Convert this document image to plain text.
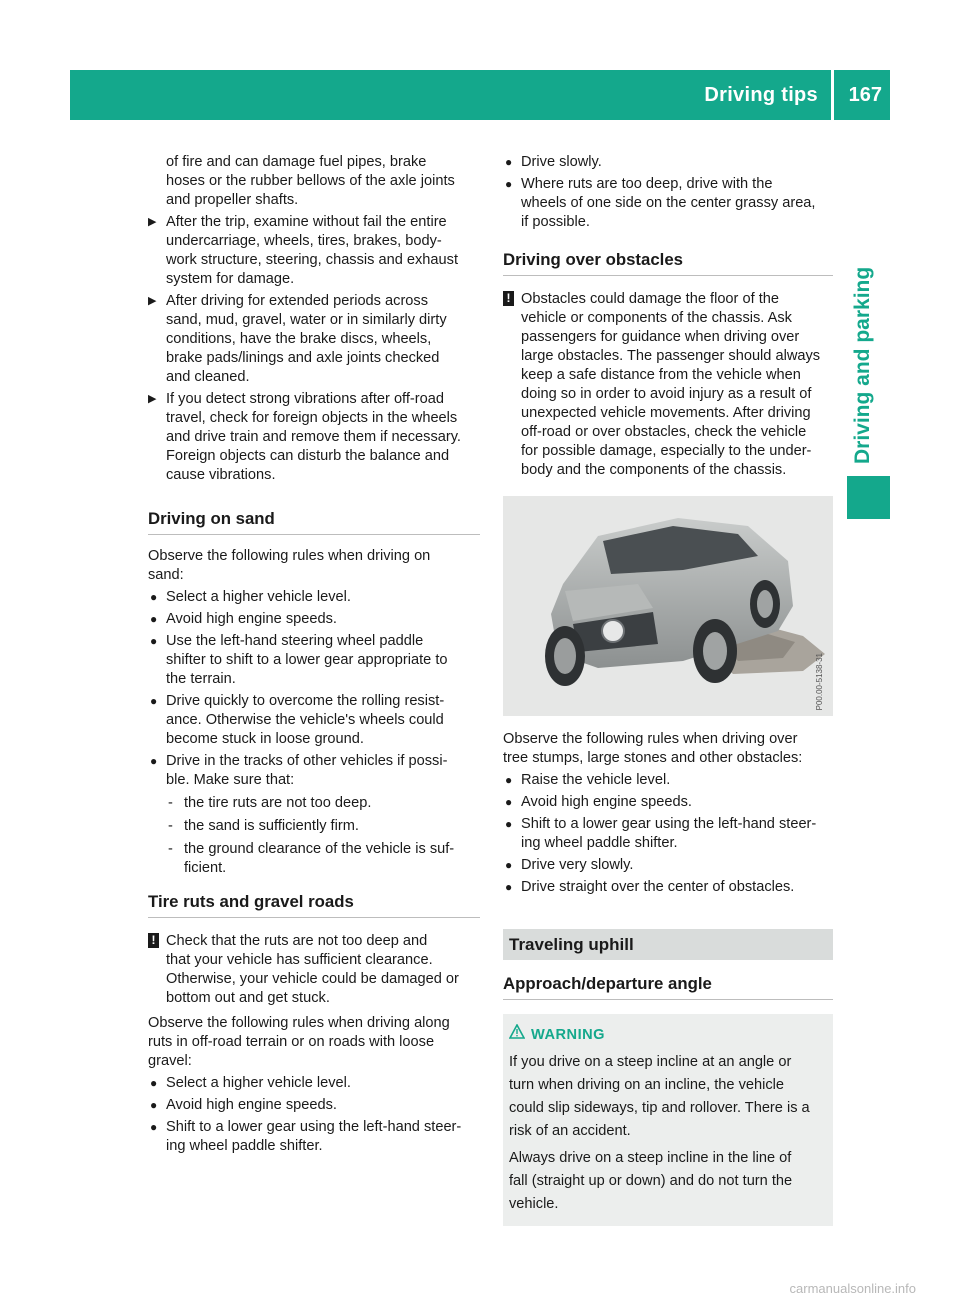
Driving tips 167
Driving and parking
of fire and can damage fuel pipes, brake
hoses or the rubber bellows of the axle joints
and propeller shafts.
▶ After the trip, examine without fail the entire
undercarriage, wheels, tires, brakes, body-
work structure, steering, chassis and exhaust
system for damage.
▶ After driving for extended periods across
sand, mud, gravel, water or in similarly dirty
conditions, have the brake discs, wheels,
brake pads/linings and axle joints checked
and cleaned.
▶ If you detect strong vibrations after off-road
travel, check for foreign objects in the wheels
and drive train and remove them if necessary.
Foreign objects can disturb the balance and
cause vibrations.
Driving on sand
Observe the following rules when driving on
sand:
● Select a higher vehicle level.
● Avoid high engine speeds.
● Use the left-hand steering wheel paddle
shifter to shift to a lower gear appropriate to
the terrain.
● Drive quickly to overcome the rolling resist-
ance. Otherwise the vehicle's wheels could
become stuck in loose ground.
● Drive in the tracks of other vehicles if possi-
ble. Make sure that:
- the tire ruts are not too deep.
- the sand is sufficiently firm.
- the ground clearance of the vehicle is suf-
ficient.
Tire ruts and gravel roads
! Check that the ruts are not too deep and
that your vehicle has sufficient clearance.
Otherwise, your vehicle could be damaged or
bottom out and get stuck.
Observe the following rules when driving along
ruts in off-road terrain or on roads with loose
gravel:
● Select a higher vehicle level.
● Avoid high engine speeds.
● Shift to a lower gear using the left-hand steer-
ing wheel paddle shifter.
● Drive slowly.
● Where ruts are too deep, drive with the
wheels of one side on the center grassy area,
if possible.
Driving over obstacles
! Obstacles could damage the floor of the
vehicle or components of the chassis. Ask
passengers for guidance when driving over
large obstacles. The passenger should always
keep a safe distance from the vehicle when
doing so in order to avoid injury as a result of
unexpected vehicle movements. After driving
off-road or over obstacles, check the vehicle
for possible damage, especially to the under-
body and the components of the chassis.
P00.00-5138-31
Observe the following rules when driving over
tree stumps, large stones and other obstacles:
● Raise the vehicle level.
● Avoid high engine speeds.
● Shift to a lower gear using the left-hand steer-
ing wheel paddle shifter.
● Drive very slowly.
● Drive straight over the center of obstacles.
Traveling uphill
Approach/departure angle
WARNING
If you drive on a steep incline at an angle or
turn when driving on an incline, the vehicle
could slip sideways, tip and rollover. There is a
risk of an accident.
Always drive on a steep incline in the line of
fall (straight up or down) and do not turn the
vehicle.
carmanualsonline.info
